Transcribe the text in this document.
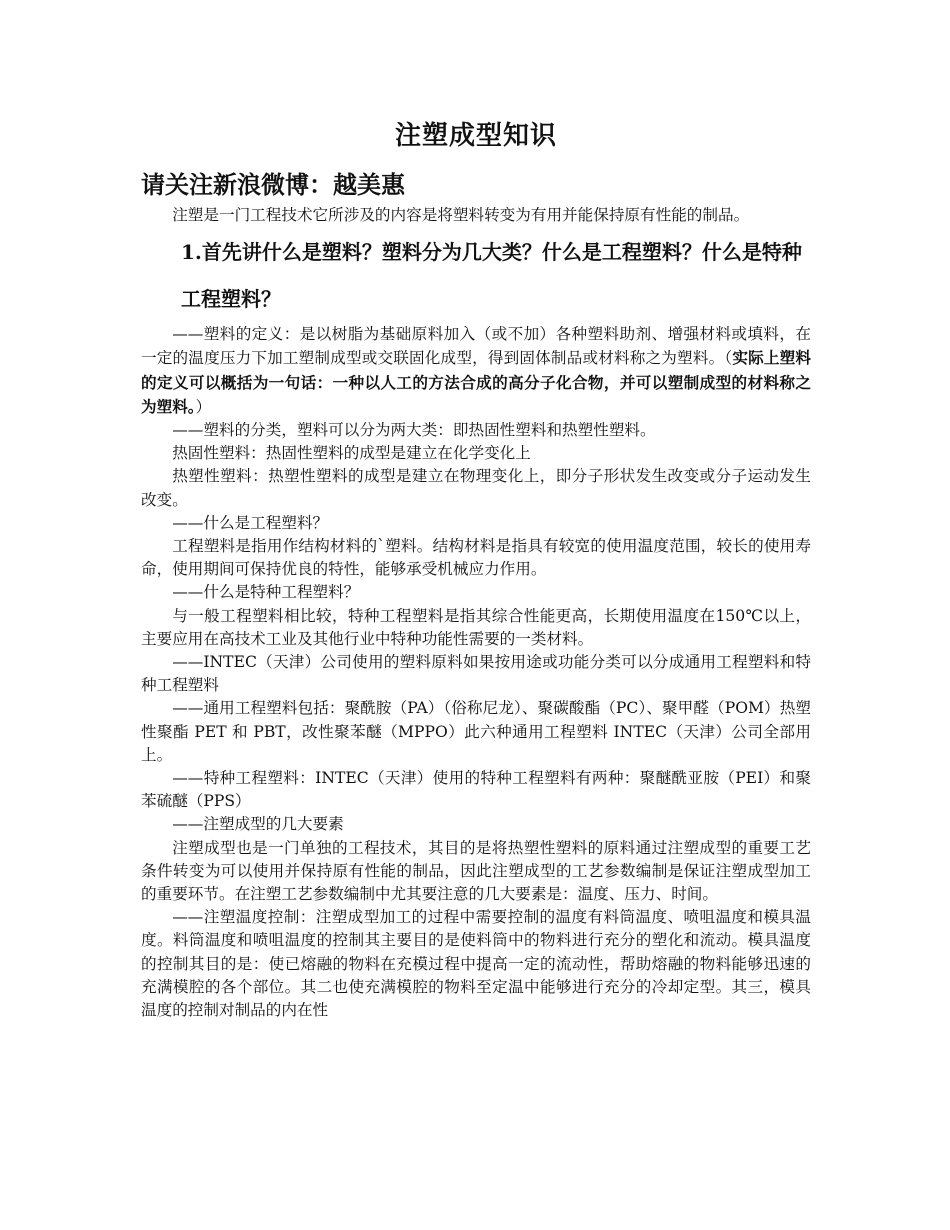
注塑成型知识
请关注新浪微博：越美惠

注塑是一门工程技术它所涉及的内容是将塑料转变为有用并能保持原有性能的制品。

1.首先讲什么是塑料？塑料分为几大类？什么是工程塑料？什么是特种工程塑料？

——塑料的定义：是以树脂为基础原料加入（或不加）各种塑料助剂、增强材料或填料，在一定的温度压力下加工塑制成型或交联固化成型，得到固体制品或材料称之为塑料。（实际上塑料的定义可以概括为一句话：一种以人工的方法合成的高分子化合物，并可以塑制成型的材料称之为塑料。）

——塑料的分类，塑料可以分为两大类：即热固性塑料和热塑性塑料。

热固性塑料：热固性塑料的成型是建立在化学变化上

热塑性塑料：热塑性塑料的成型是建立在物理变化上，即分子形状发生改变或分子运动发生改变。

——什么是工程塑料？

工程塑料是指用作结构材料的`塑料。结构材料是指具有较宽的使用温度范围，较长的使用寿命，使用期间可保持优良的特性，能够承受机械应力作用。

——什么是特种工程塑料？

与一般工程塑料相比较，特种工程塑料是指其综合性能更高，长期使用温度在150℃以上，主要应用在高技术工业及其他行业中特种功能性需要的一类材料。

——INTEC（天津）公司使用的塑料原料如果按用途或功能分类可以分成通用工程塑料和特种工程塑料

——通用工程塑料包括：聚酰胺（PA）（俗称尼龙）、聚碳酸酯（PC）、聚甲醛（POM）热塑性聚酯 PET 和 PBT，改性聚苯醚（MPPO）此六种通用工程塑料 INTEC（天津）公司全部用上。

——特种工程塑料：INTEC（天津）使用的特种工程塑料有两种：聚醚酰亚胺（PEI）和聚苯硫醚（PPS）

——注塑成型的几大要素

注塑成型也是一门单独的工程技术，其目的是将热塑性塑料的原料通过注塑成型的重要工艺条件转变为可以使用并保持原有性能的制品，因此注塑成型的工艺参数编制是保证注塑成型加工的重要环节。在注塑工艺参数编制中尤其要注意的几大要素是：温度、压力、时间。

——注塑温度控制：注塑成型加工的过程中需要控制的温度有料筒温度、喷咀温度和模具温度。料筒温度和喷咀温度的控制其主要目的是使料筒中的物料进行充分的塑化和流动。模具温度的控制其目的是：使已熔融的物料在充模过程中提高一定的流动性，帮助熔融的物料能够迅速的充满模腔的各个部位。其二也使充满模腔的物料至定温中能够进行充分的冷却定型。其三，模具温度的控制对制品的内在性
